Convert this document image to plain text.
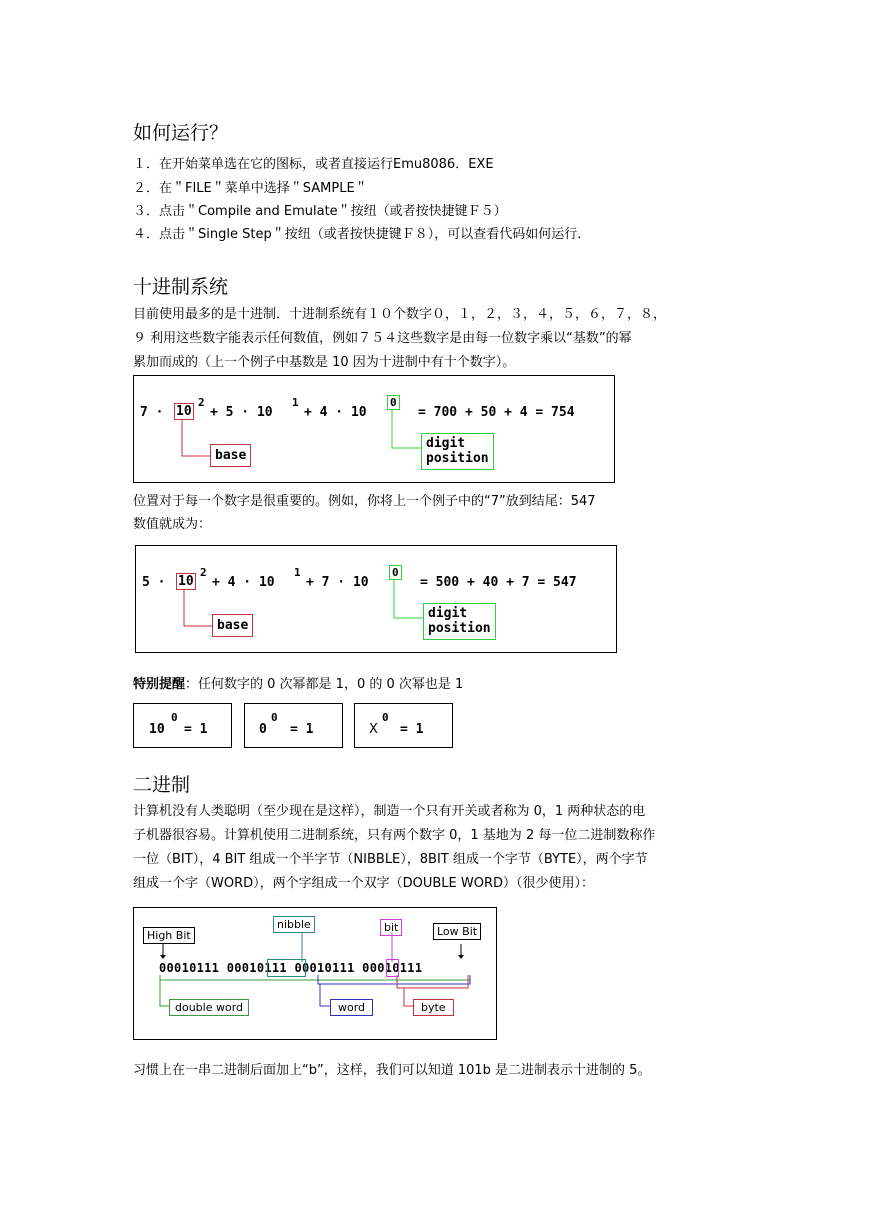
如何运行？
１．在开始菜单选在它的图标，或者直接运行Emu8086．EXE
２．在＂FILE＂菜单中选择＂SAMPLE＂
３．点击＂Compile and Emulate＂按纽（或者按快捷键Ｆ５）
４．点击＂Single Step＂按纽（或者按快捷键Ｆ８），可以查看代码如何运行．
十进制系统
目前使用最多的是十进制．十进制系统有１０个数字０，１，２，３，４，５，６，７，８，
９ 利用这些数字能表示任何数值，例如７５４这些数字是由每一位数字乘以“基数”的幂
累加而成的（上一个例子中基数是 10 因为十进制中有十个数字）。
7 · 10
2
+ 5 · 10
1
+ 4 · 10
0
= 700 + 50 + 4 = 754
base
digit
position
位置对于每一个数字是很重要的。例如，你将上一个例子中的“7”放到结尾：547
数值就成为：
5 · 10
2
+ 4 · 10
1
+ 7 · 10
0
= 500 + 40 + 7 = 547
base
digit
position
特别提醒：任何数字的 0 次幂都是 1，0 的 0 次幂也是 1
10
0
= 1	0
0
= 1	X
0
= 1
二进制
计算机没有人类聪明（至少现在是这样），制造一个只有开关或者称为 0，1 两种状态的电
子机器很容易。计算机使用二进制系统，只有两个数字 0，1 基地为 2 每一位二进制数称作
一位（BIT），4 BIT 组成一个半字节（NIBBLE），8BIT 组成一个字节（BYTE），两个字节
组成一个字（WORD），两个字组成一个双字（DOUBLE WORD）（很少使用）：
High Bit
nibble	bit	Low Bit
00010111 00010111 00010111 00010111
double word	word	byte
习惯上在一串二进制后面加上“b”，这样，我们可以知道 101b 是二进制表示十进制的 5。
